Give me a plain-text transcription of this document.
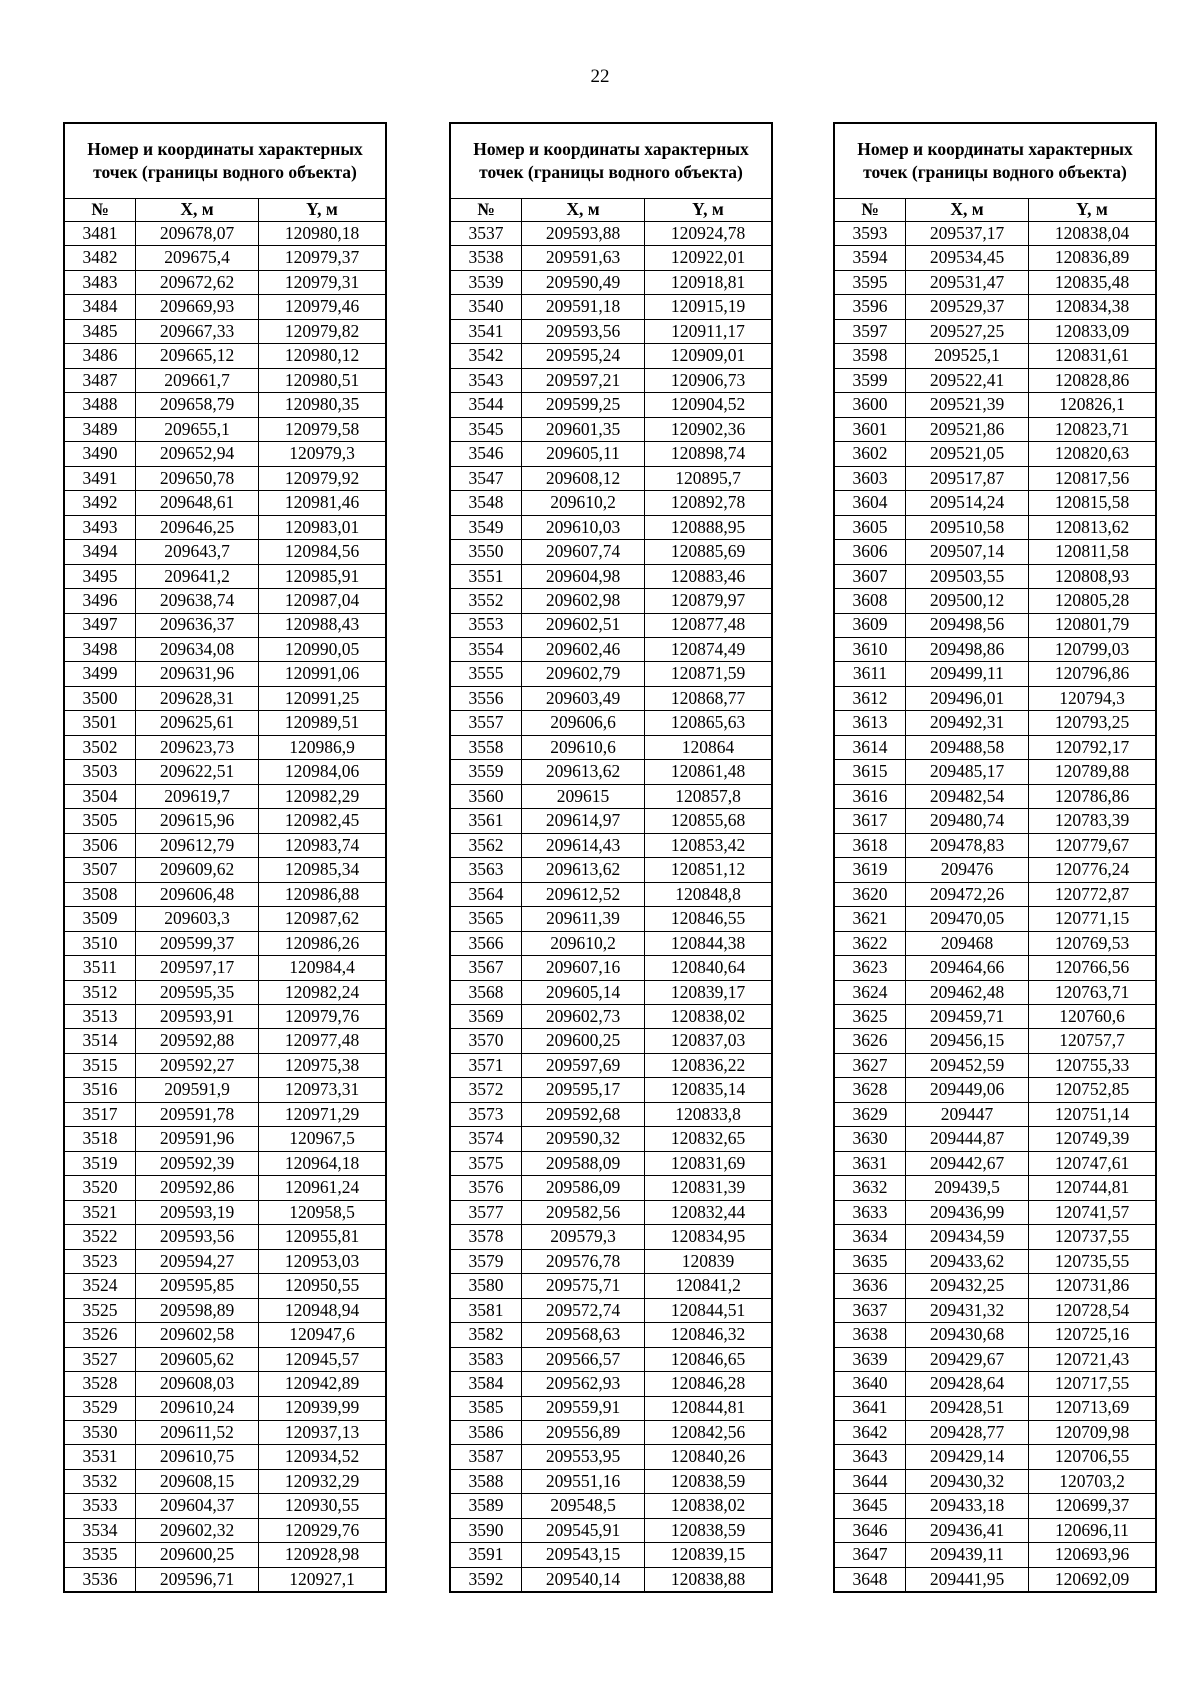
22
Номер и координаты характерных точек (границы водного объекта)		
№	X, м	Y, м
3481	209678,07	120980,18
3482	209675,4	120979,37
3483	209672,62	120979,31
3484	209669,93	120979,46
3485	209667,33	120979,82
3486	209665,12	120980,12
3487	209661,7	120980,51
3488	209658,79	120980,35
3489	209655,1	120979,58
3490	209652,94	120979,3
3491	209650,78	120979,92
3492	209648,61	120981,46
3493	209646,25	120983,01
3494	209643,7	120984,56
3495	209641,2	120985,91
3496	209638,74	120987,04
3497	209636,37	120988,43
3498	209634,08	120990,05
3499	209631,96	120991,06
3500	209628,31	120991,25
3501	209625,61	120989,51
3502	209623,73	120986,9
3503	209622,51	120984,06
3504	209619,7	120982,29
3505	209615,96	120982,45
3506	209612,79	120983,74
3507	209609,62	120985,34
3508	209606,48	120986,88
3509	209603,3	120987,62
3510	209599,37	120986,26
3511	209597,17	120984,4
3512	209595,35	120982,24
3513	209593,91	120979,76
3514	209592,88	120977,48
3515	209592,27	120975,38
3516	209591,9	120973,31
3517	209591,78	120971,29
3518	209591,96	120967,5
3519	209592,39	120964,18
3520	209592,86	120961,24
3521	209593,19	120958,5
3522	209593,56	120955,81
3523	209594,27	120953,03
3524	209595,85	120950,55
3525	209598,89	120948,94
3526	209602,58	120947,6
3527	209605,62	120945,57
3528	209608,03	120942,89
3529	209610,24	120939,99
3530	209611,52	120937,13
3531	209610,75	120934,52
3532	209608,15	120932,29
3533	209604,37	120930,55
3534	209602,32	120929,76
3535	209600,25	120928,98
3536	209596,71	120927,1
Номер и координаты характерных точек (границы водного объекта)		
№	X, м	Y, м
3537	209593,88	120924,78
3538	209591,63	120922,01
3539	209590,49	120918,81
3540	209591,18	120915,19
3541	209593,56	120911,17
3542	209595,24	120909,01
3543	209597,21	120906,73
3544	209599,25	120904,52
3545	209601,35	120902,36
3546	209605,11	120898,74
3547	209608,12	120895,7
3548	209610,2	120892,78
3549	209610,03	120888,95
3550	209607,74	120885,69
3551	209604,98	120883,46
3552	209602,98	120879,97
3553	209602,51	120877,48
3554	209602,46	120874,49
3555	209602,79	120871,59
3556	209603,49	120868,77
3557	209606,6	120865,63
3558	209610,6	120864
3559	209613,62	120861,48
3560	209615	120857,8
3561	209614,97	120855,68
3562	209614,43	120853,42
3563	209613,62	120851,12
3564	209612,52	120848,8
3565	209611,39	120846,55
3566	209610,2	120844,38
3567	209607,16	120840,64
3568	209605,14	120839,17
3569	209602,73	120838,02
3570	209600,25	120837,03
3571	209597,69	120836,22
3572	209595,17	120835,14
3573	209592,68	120833,8
3574	209590,32	120832,65
3575	209588,09	120831,69
3576	209586,09	120831,39
3577	209582,56	120832,44
3578	209579,3	120834,95
3579	209576,78	120839
3580	209575,71	120841,2
3581	209572,74	120844,51
3582	209568,63	120846,32
3583	209566,57	120846,65
3584	209562,93	120846,28
3585	209559,91	120844,81
3586	209556,89	120842,56
3587	209553,95	120840,26
3588	209551,16	120838,59
3589	209548,5	120838,02
3590	209545,91	120838,59
3591	209543,15	120839,15
3592	209540,14	120838,88
Номер и координаты характерных точек (границы водного объекта)		
№	X, м	Y, м
3593	209537,17	120838,04
3594	209534,45	120836,89
3595	209531,47	120835,48
3596	209529,37	120834,38
3597	209527,25	120833,09
3598	209525,1	120831,61
3599	209522,41	120828,86
3600	209521,39	120826,1
3601	209521,86	120823,71
3602	209521,05	120820,63
3603	209517,87	120817,56
3604	209514,24	120815,58
3605	209510,58	120813,62
3606	209507,14	120811,58
3607	209503,55	120808,93
3608	209500,12	120805,28
3609	209498,56	120801,79
3610	209498,86	120799,03
3611	209499,11	120796,86
3612	209496,01	120794,3
3613	209492,31	120793,25
3614	209488,58	120792,17
3615	209485,17	120789,88
3616	209482,54	120786,86
3617	209480,74	120783,39
3618	209478,83	120779,67
3619	209476	120776,24
3620	209472,26	120772,87
3621	209470,05	120771,15
3622	209468	120769,53
3623	209464,66	120766,56
3624	209462,48	120763,71
3625	209459,71	120760,6
3626	209456,15	120757,7
3627	209452,59	120755,33
3628	209449,06	120752,85
3629	209447	120751,14
3630	209444,87	120749,39
3631	209442,67	120747,61
3632	209439,5	120744,81
3633	209436,99	120741,57
3634	209434,59	120737,55
3635	209433,62	120735,55
3636	209432,25	120731,86
3637	209431,32	120728,54
3638	209430,68	120725,16
3639	209429,67	120721,43
3640	209428,64	120717,55
3641	209428,51	120713,69
3642	209428,77	120709,98
3643	209429,14	120706,55
3644	209430,32	120703,2
3645	209433,18	120699,37
3646	209436,41	120696,11
3647	209439,11	120693,96
3648	209441,95	120692,09
